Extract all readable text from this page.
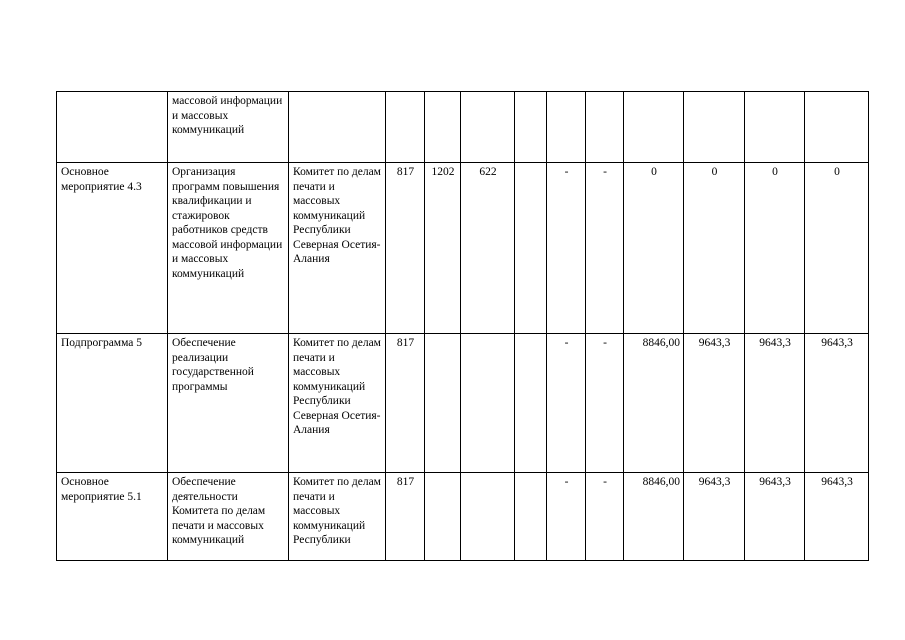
	массовой информации и массовых коммуникаций											
Основное мероприятие 4.3	Организация программ повышения квалификации и стажировок работников средств массовой информации и массовых коммуникаций	Комитет по делам печати и массовых коммуникаций Республики Северная Осетия-Алания	817	1202	622		-	-	0	0	0	0
Подпрограмма 5	Обеспечение реализации государственной программы	Комитет по делам печати и массовых коммуникаций Республики Северная Осетия-Алания	817				-	-	8846,00	9643,3	9643,3	9643,3
Основное мероприятие 5.1	Обеспечение деятельности Комитета по делам печати и массовых коммуникаций	Комитет по делам печати и массовых коммуникаций Республики	817				-	-	8846,00	9643,3	9643,3	9643,3
